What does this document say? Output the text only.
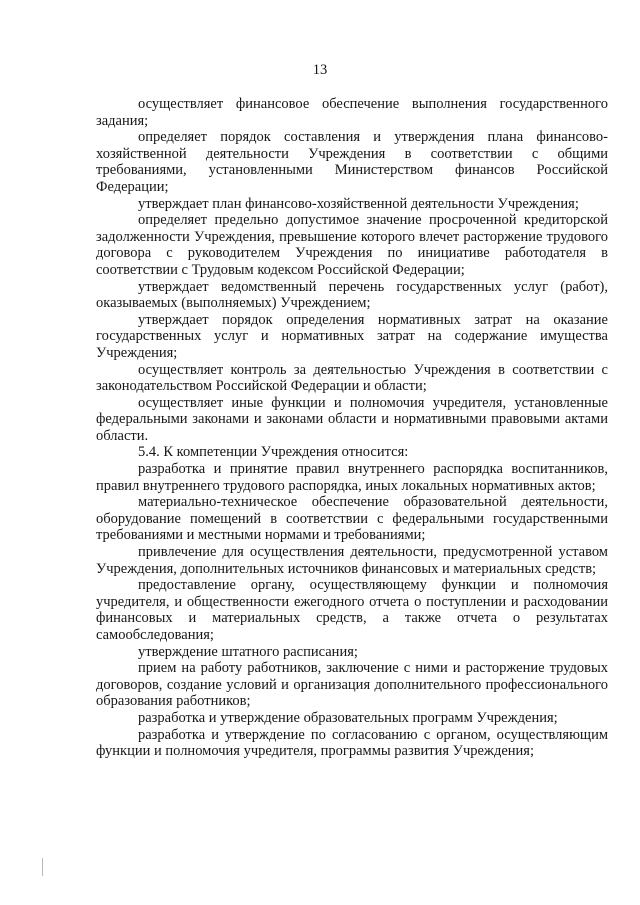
13

осуществляет финансовое обеспечение выполнения государственного задания;

определяет порядок составления и утверждения плана финансово-хозяйственной деятельности Учреждения в соответствии с общими требованиями, установленными Министерством финансов Российской Федерации;

утверждает план финансово-хозяйственной деятельности Учреждения;

определяет предельно допустимое значение просроченной кредиторской задолженности Учреждения, превышение которого влечет расторжение трудового договора с руководителем Учреждения по инициативе работодателя в соответствии с Трудовым кодексом Российской Федерации;

утверждает ведомственный перечень государственных услуг (работ), оказываемых (выполняемых) Учреждением;

утверждает порядок определения нормативных затрат на оказание государственных услуг и нормативных затрат на содержание имущества Учреждения;

осуществляет контроль за деятельностью Учреждения в соответствии с законодательством Российской Федерации и области;

осуществляет иные функции и полномочия учредителя, установленные федеральными законами и законами области и нормативными правовыми актами области.

5.4. К компетенции Учреждения относится:

разработка и принятие правил внутреннего распорядка воспитанников, правил внутреннего трудового распорядка, иных локальных нормативных актов;

материально-техническое обеспечение образовательной деятельности, оборудование помещений в соответствии с федеральными государственными требованиями и местными нормами и требованиями;

привлечение для осуществления деятельности, предусмотренной уставом Учреждения, дополнительных источников финансовых и материальных средств;

предоставление органу, осуществляющему функции и полномочия учредителя, и общественности ежегодного отчета о поступлении и расходовании финансовых и материальных средств, а также отчета о результатах самообследования;

утверждение штатного расписания;

прием на работу работников, заключение с ними и расторжение трудовых договоров, создание условий и организация дополнительного профессионального образования работников;

разработка и утверждение образовательных программ Учреждения;

разработка и утверждение по согласованию с органом, осуществляющим функции и полномочия учредителя, программы развития Учреждения;
